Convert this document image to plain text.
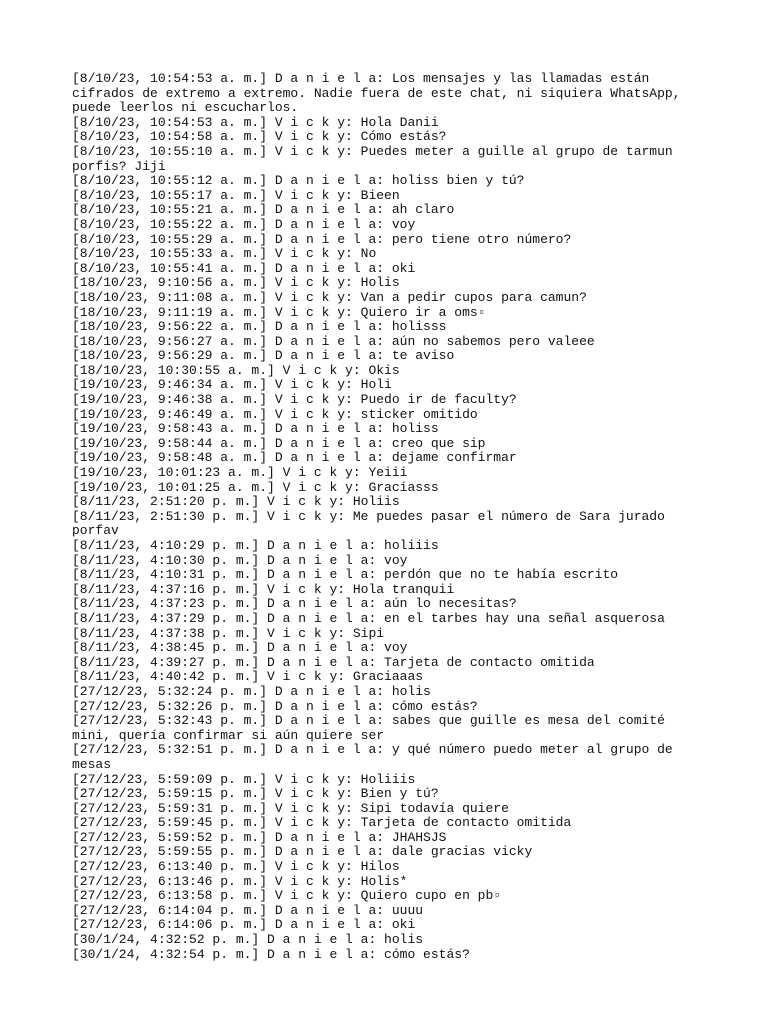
[8/10/23, 10:54:53 a. m.] D a n i e l a: Los mensajes y las llamadas están cifrados de extremo a extremo. Nadie fuera de este chat, ni siquiera WhatsApp, puede leerlos ni escucharlos.
[8/10/23, 10:54:53 a. m.] V i c k y: Hola Danii
[8/10/23, 10:54:58 a. m.] V i c k y: Cómo estás?
[8/10/23, 10:55:10 a. m.] V i c k y: Puedes meter a guille al grupo de tarmun porfis? Jiji
[8/10/23, 10:55:12 a. m.] D a n i e l a: holiss bien y tú?
[8/10/23, 10:55:17 a. m.] V i c k y: Bieen
[8/10/23, 10:55:21 a. m.] D a n i e l a: ah claro
[8/10/23, 10:55:22 a. m.] D a n i e l a: voy
[8/10/23, 10:55:29 a. m.] D a n i e l a: pero tiene otro número?
[8/10/23, 10:55:33 a. m.] V i c k y: No
[8/10/23, 10:55:41 a. m.] D a n i e l a: oki
[18/10/23, 9:10:56 a. m.] V i c k y: Holis
[18/10/23, 9:11:08 a. m.] V i c k y: Van a pedir cupos para camun?
[18/10/23, 9:11:19 a. m.] V i c k y: Quiero ir a oms▫
[18/10/23, 9:56:22 a. m.] D a n i e l a: holisss
[18/10/23, 9:56:27 a. m.] D a n i e l a: aún no sabemos pero valeee
[18/10/23, 9:56:29 a. m.] D a n i e l a: te aviso
[18/10/23, 10:30:55 a. m.] V i c k y: Okis
[19/10/23, 9:46:34 a. m.] V i c k y: Holi
[19/10/23, 9:46:38 a. m.] V i c k y: Puedo ir de faculty?
[19/10/23, 9:46:49 a. m.] V i c k y: sticker omitido
[19/10/23, 9:58:43 a. m.] D a n i e l a: holiss
[19/10/23, 9:58:44 a. m.] D a n i e l a: creo que sip
[19/10/23, 9:58:48 a. m.] D a n i e l a: dejame confirmar
[19/10/23, 10:01:23 a. m.] V i c k y: Yeiii
[19/10/23, 10:01:25 a. m.] V i c k y: Graciasss
[8/11/23, 2:51:20 p. m.] V i c k y: Holiis
[8/11/23, 2:51:30 p. m.] V i c k y: Me puedes pasar el número de Sara jurado porfav
[8/11/23, 4:10:29 p. m.] D a n i e l a: holiiis
[8/11/23, 4:10:30 p. m.] D a n i e l a: voy
[8/11/23, 4:10:31 p. m.] D a n i e l a: perdón que no te había escrito
[8/11/23, 4:37:16 p. m.] V i c k y: Hola tranquii
[8/11/23, 4:37:23 p. m.] D a n i e l a: aún lo necesitas?
[8/11/23, 4:37:29 p. m.] D a n i e l a: en el tarbes hay una señal asquerosa
[8/11/23, 4:37:38 p. m.] V i c k y: Sipi
[8/11/23, 4:38:45 p. m.] D a n i e l a: voy
[8/11/23, 4:39:27 p. m.] D a n i e l a: Tarjeta de contacto omitida
[8/11/23, 4:40:42 p. m.] V i c k y: Graciaaas
[27/12/23, 5:32:24 p. m.] D a n i e l a: holis
[27/12/23, 5:32:26 p. m.] D a n i e l a: cómo estás?
[27/12/23, 5:32:43 p. m.] D a n i e l a: sabes que guille es mesa del comité mini, quería confirmar si aún quiere ser
[27/12/23, 5:32:51 p. m.] D a n i e l a: y qué número puedo meter al grupo de mesas
[27/12/23, 5:59:09 p. m.] V i c k y: Holiiis
[27/12/23, 5:59:15 p. m.] V i c k y: Bien y tú?
[27/12/23, 5:59:31 p. m.] V i c k y: Sipi todavía quiere
[27/12/23, 5:59:45 p. m.] V i c k y: Tarjeta de contacto omitida
[27/12/23, 5:59:52 p. m.] D a n i e l a: JHAHSJS
[27/12/23, 5:59:55 p. m.] D a n i e l a: dale gracias vicky
[27/12/23, 6:13:40 p. m.] V i c k y: Hilos
[27/12/23, 6:13:46 p. m.] V i c k y: Holis*
[27/12/23, 6:13:58 p. m.] V i c k y: Quiero cupo en pb▫
[27/12/23, 6:14:04 p. m.] D a n i e l a: uuuu
[27/12/23, 6:14:06 p. m.] D a n i e l a: oki
[30/1/24, 4:32:52 p. m.] D a n i e l a: holis
[30/1/24, 4:32:54 p. m.] D a n i e l a: cómo estás?
